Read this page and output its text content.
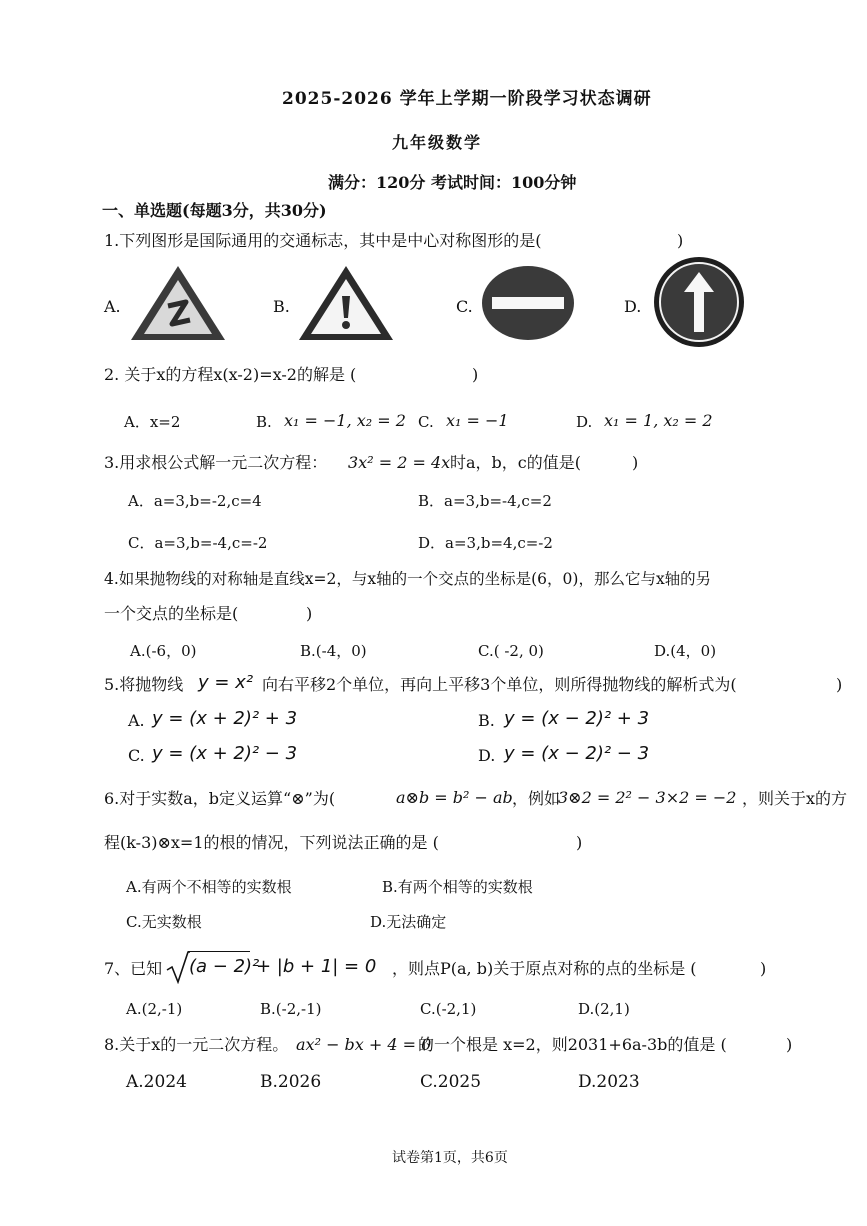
2025-2026 学年上学期一阶段学习状态调研
九年级数学
满分：120分 考试时间：100分钟
一、单选题(每题3分，共30分)
1.下列图形是国际通用的交通标志，其中是中心对称图形的是(	)
A.	B.	C.	D.
2. 关于x的方程x(x-2)=x-2的解是 (	)
A．x=2	B. x₁ = −1, x₂ = 2 C. x₁ = −1	D. x₁ = 1, x₂ = 2
3.用求根公式解一元二次方程： 3x² = 2 = 4x 时a，b，c的值是(	)
A．a=3,b=-2,c=4	B．a=3,b=-4,c=2
C．a=3,b=-4,c=-2	D．a=3,b=4,c=-2
4.如果抛物线的对称轴是直线x=2，与x轴的一个交点的坐标是(6，0)，那么它与x轴的另
一个交点的坐标是(	)
A.(-6，0)	B.(-4，0)	C.( -2, 0)	D.(4，0)
5.将抛物线 y = x² 向右平移2个单位，再向上平移3个单位，则所得抛物线的解析式为(	)
A. y = (x + 2)² + 3	B. y = (x − 2)² + 3
C. y = (x + 2)² − 3	D. y = (x − 2)² − 3
6.对于实数a，b定义运算“⊗”为(	a⊗b = b² − ab ，例如
3⊗2 = 2² − 3×2 = −2 ，则关于x的方
程(k-3)⊗x=1的根的情况，下列说法正确的是 (	)
A.有两个不相等的实数根	B.有两个相等的实数根
C.无实数根	D.无法确定
7、已知 (a − 2)²
+ |b + 1| = 0 ，则点P(a, b)关于原点对称的点的坐标是 (	)
A.(2,-1)	B.(-2,-1)	C.(-2,1)	D.(2,1)
8.关于x的一元二次方程。 ax² − bx + 4 = 0
的一个根是 x=2，则2031+6a-3b的值是 (	)
A.2024	B.2026	C.2025	D.2023
试卷第1页，共6页
